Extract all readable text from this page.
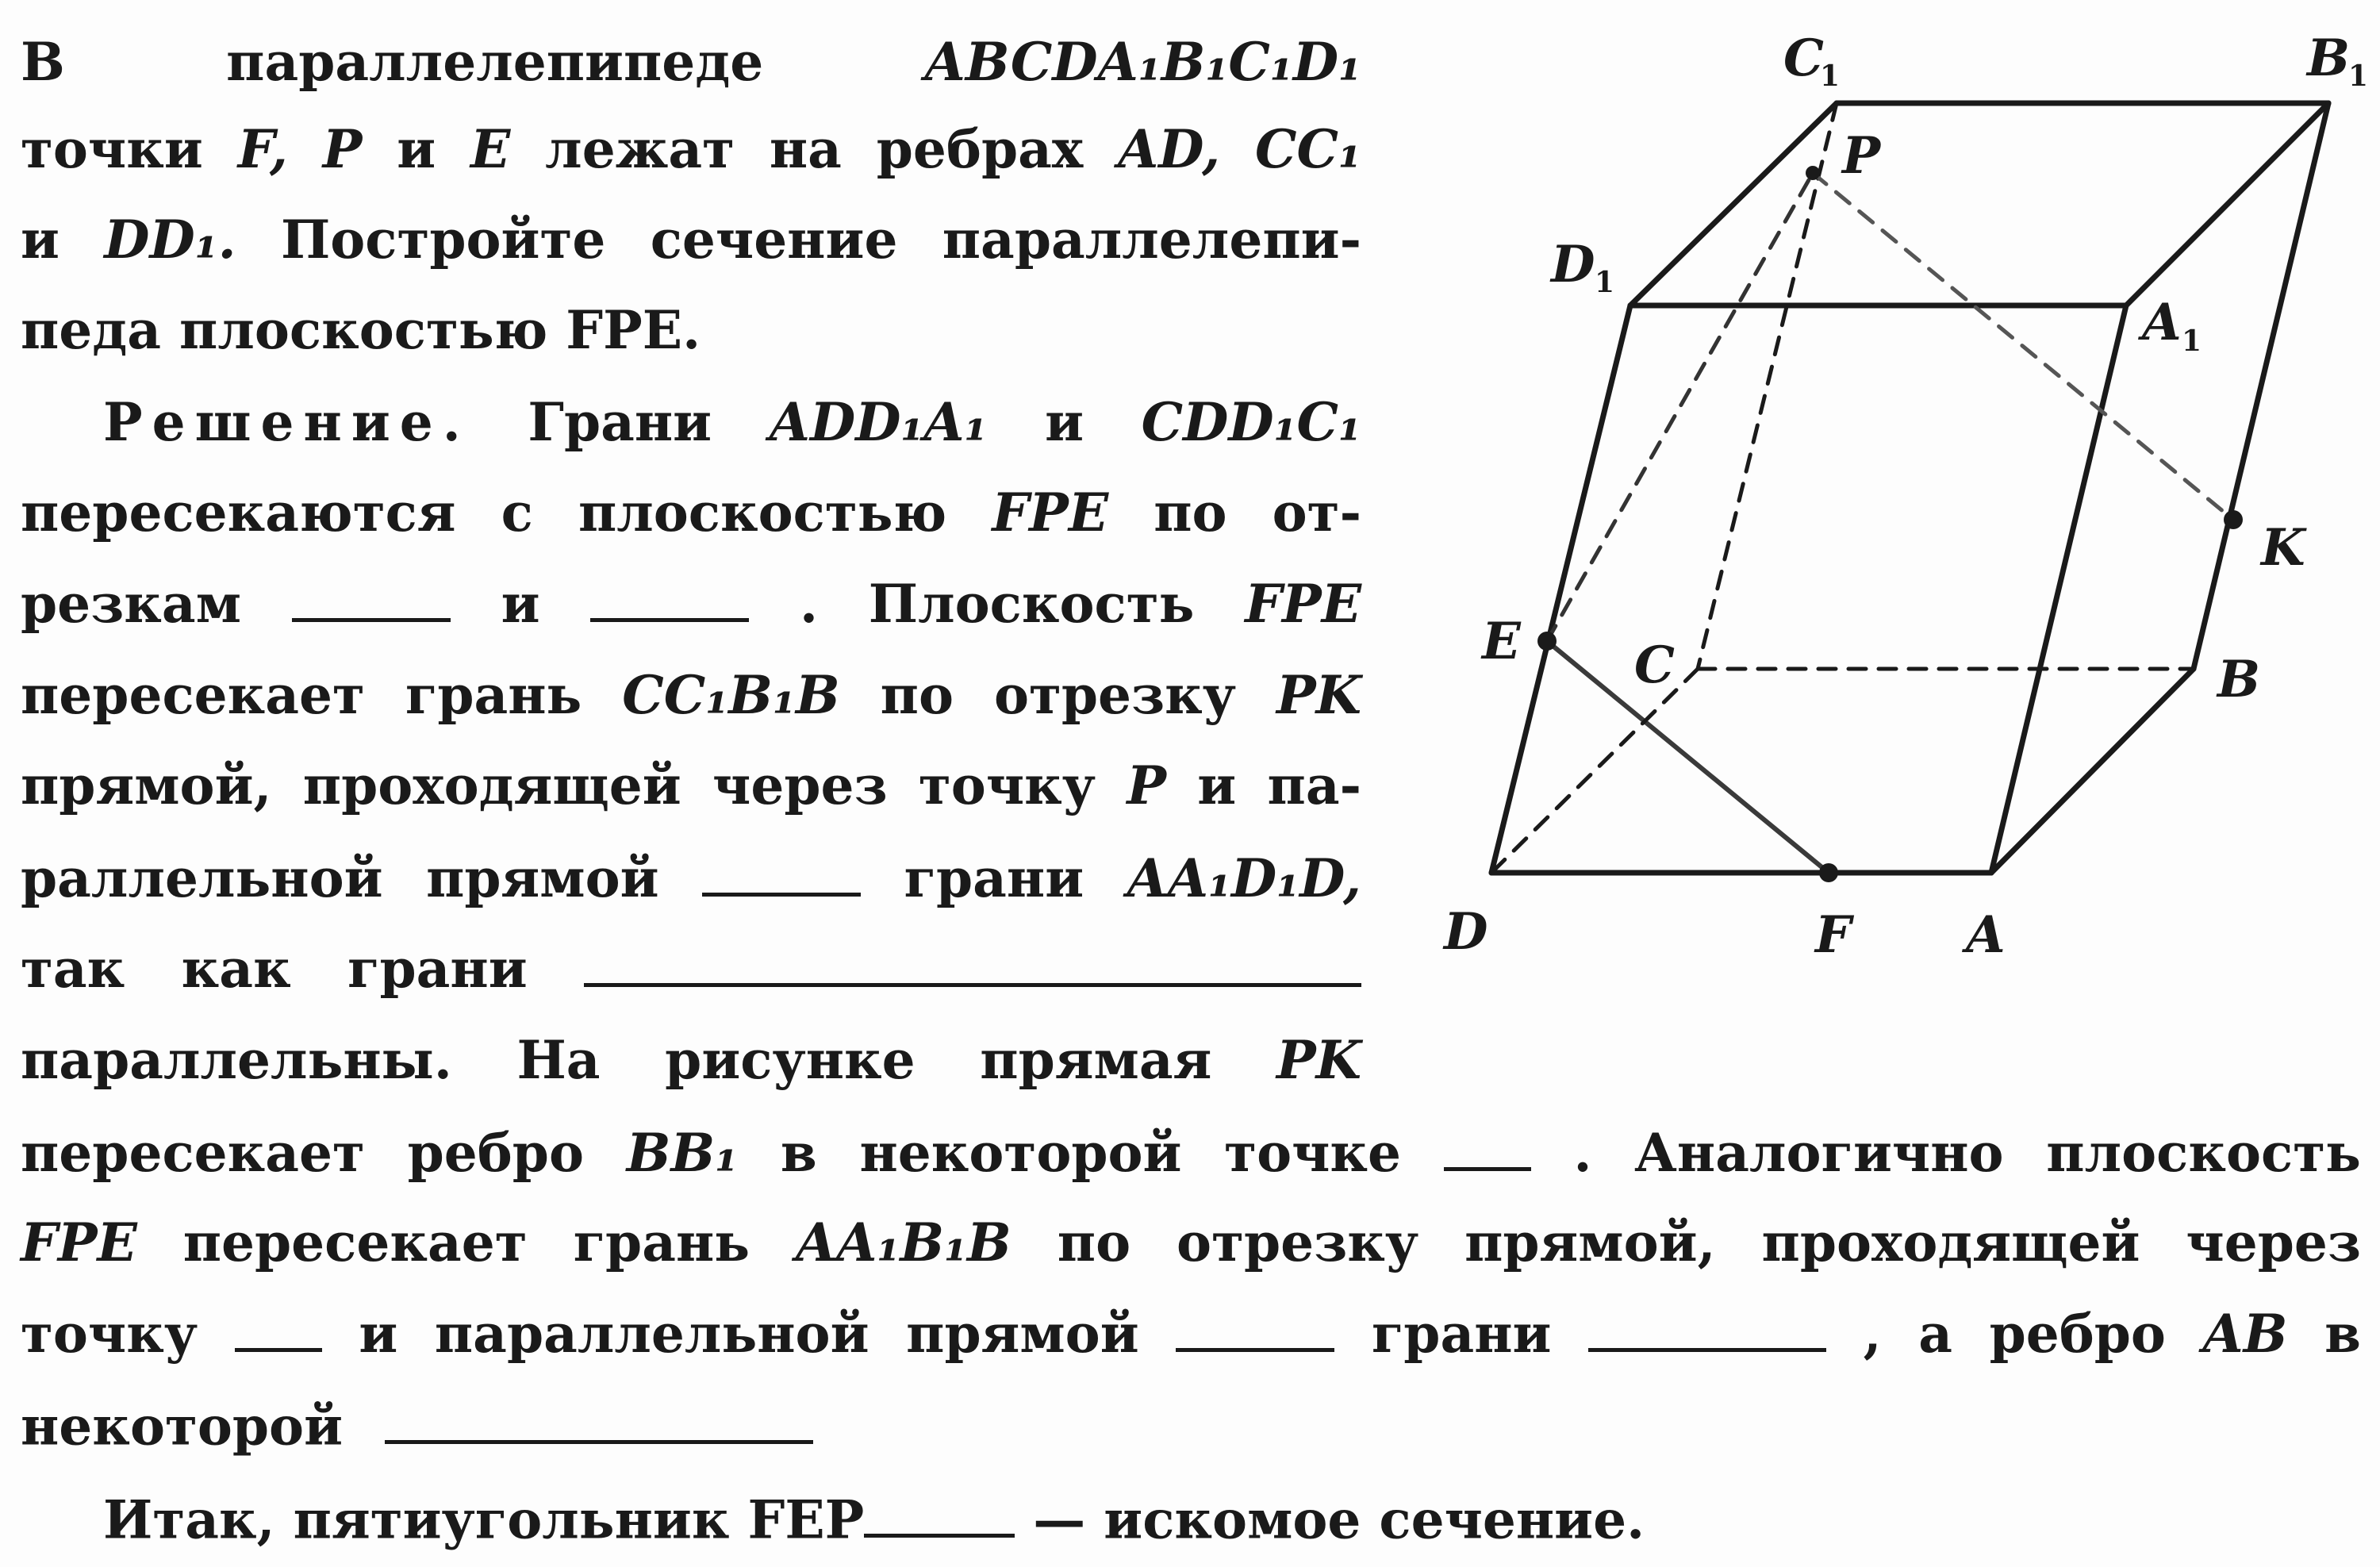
В	параллелепипеде	ABCDA₁B₁C₁D₁
точки F, P и E лежат на ребрах AD, CC₁
и DD₁. Постройте сечение параллелепи-
педа плоскостью FPE.
Решение. Грани ADD₁A₁ и CDD₁C₁
пересекаются с плоскостью FPE по от-
резкам	и	. Плоскость FPE
пересекает грань CC₁B₁B по отрезку PK
прямой, проходящей через точку P и па-
раллельной прямой	грани AA₁D₁D,
так как грани
параллельны. На рисунке прямая PK
пересекает ребро BB₁ в некоторой точке	. Аналогично плоскость
FPE пересекает грань AA₁B₁B по отрезку прямой, проходящей через
точку	и параллельной прямой	грани	, а ребро AB в
некоторой
Итак, пятиугольник FEP	— искомое сечение.
C
1	B
1
P
D 1
A 1
K
E C	B
D	F A
